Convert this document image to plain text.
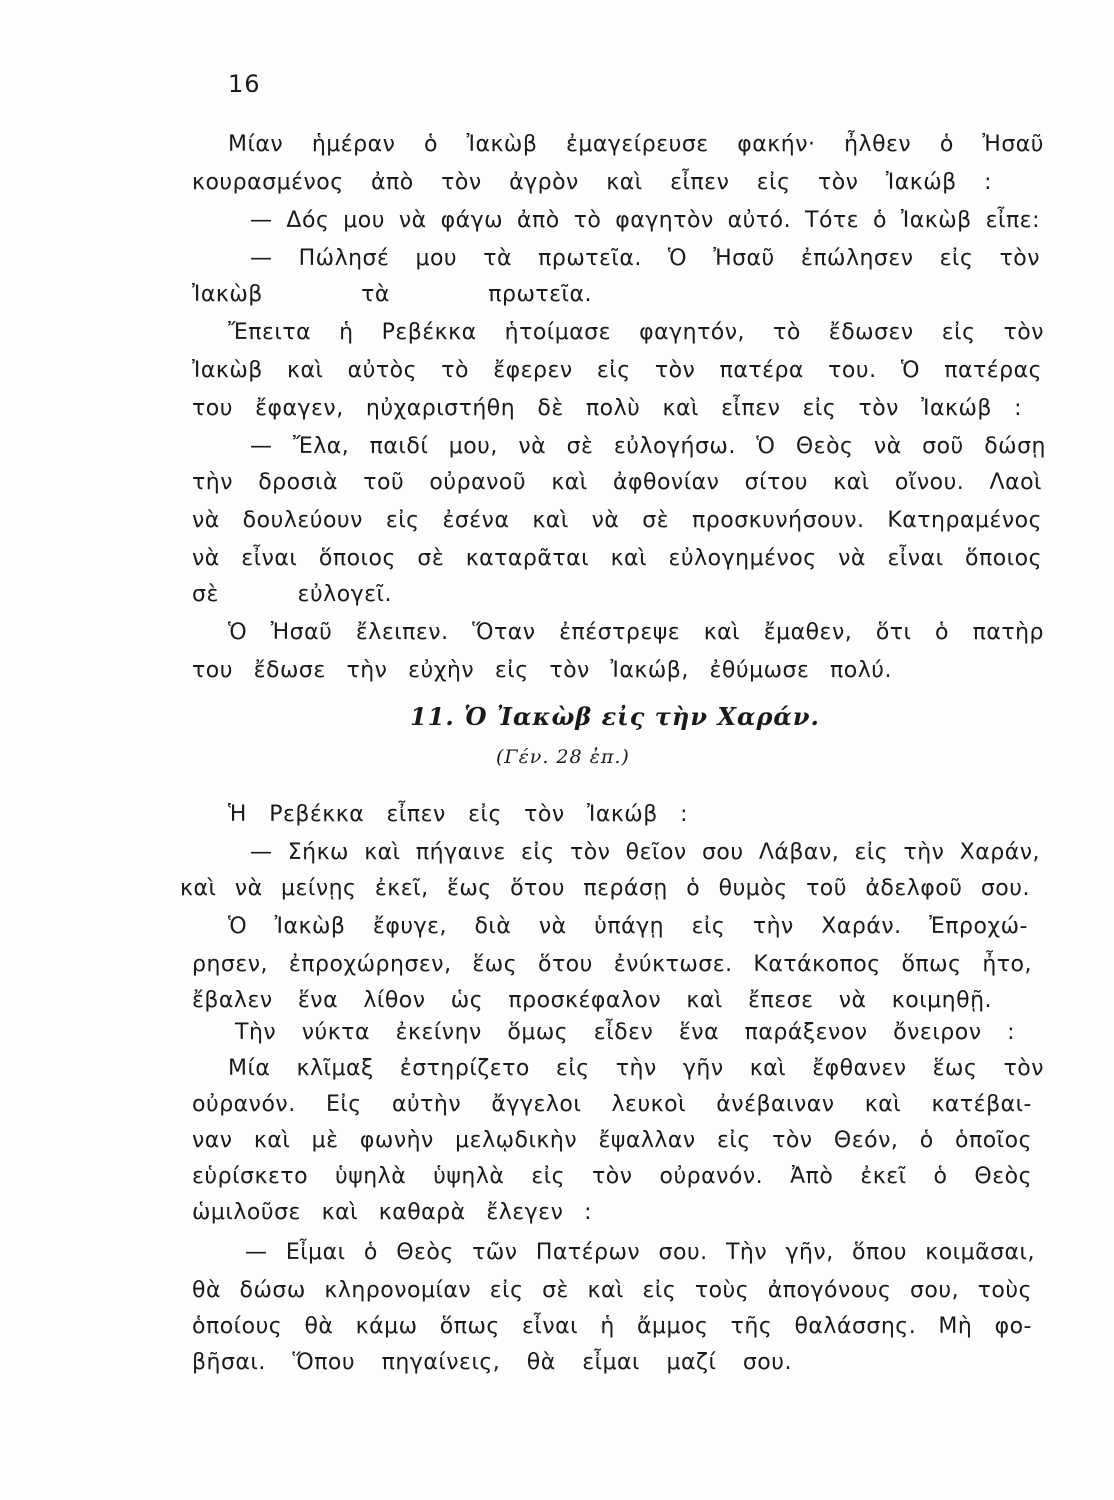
16

Μίαν ἡμέραν ὁ Ἰακὼβ ἐμαγείρευσε φακήν· ἦλθεν ὁ Ἠσαῦ

κουρασμένος ἀπὸ τὸν ἀγρὸν καὶ εἶπεν εἰς τὸν Ἰακώβ :

— Δός μου νὰ φάγω ἀπὸ τὸ φαγητὸν αὐτό. Τότε ὁ Ἰακὼβ εἶπε:

— Πώλησέ μου τὰ πρωτεῖα. Ὁ Ἠσαῦ ἐπώλησεν εἰς τὸν

Ἰακὼβ τὰ πρωτεῖα.

Ἔπειτα ἡ Ρεβέκκα ἡτοίμασε φαγητόν, τὸ ἔδωσεν εἰς τὸν

Ἰακὼβ καὶ αὐτὸς τὸ ἔφερεν εἰς τὸν πατέρα του. Ὁ πατέρας

του ἔφαγεν, ηὐχαριστήθη δὲ πολὺ καὶ εἶπεν εἰς τὸν Ἰακώβ :

— Ἔλα, παιδί μου, νὰ σὲ εὐλογήσω. Ὁ Θεὸς νὰ σοῦ δώσῃ

τὴν δροσιὰ τοῦ οὐρανοῦ καὶ ἀφθονίαν σίτου καὶ οἴνου. Λαοὶ

νὰ δουλεύουν εἰς ἐσένα καὶ νὰ σὲ προσκυνήσουν. Κατηραμένος

νὰ εἶναι ὅποιος σὲ καταρᾶται καὶ εὐλογημένος νὰ εἶναι ὅποιος

σὲ εὐλογεῖ.

Ὁ Ἠσαῦ ἔλειπεν. Ὅταν ἐπέστρεψε καὶ ἔμαθεν, ὅτι ὁ πατὴρ

του ἔδωσε τὴν εὐχὴν εἰς τὸν Ἰακώβ, ἐθύμωσε πολύ.

11. Ὁ Ἰακὼβ εἰς τὴν Χαράν.
(Γέν. 28 ἐπ.)

Ἡ Ρεβέκκα εἶπεν εἰς τὸν Ἰακώβ :

— Σήκω καὶ πήγαινε εἰς τὸν θεῖον σου Λάβαν, εἰς τὴν Χαράν,

καὶ νὰ μείνῃς ἐκεῖ, ἕως ὅτου περάσῃ ὁ θυμὸς τοῦ ἀδελφοῦ σου.

Ὁ Ἰακὼβ ἔφυγε, διὰ νὰ ὑπάγῃ εἰς τὴν Χαράν. Ἐπροχώ-

ρησεν, ἐπροχώρησεν, ἕως ὅτου ἐνύκτωσε. Κατάκοπος ὅπως ἦτο,

ἔβαλεν ἕνα λίθον ὡς προσκέφαλον καὶ ἔπεσε νὰ κοιμηθῇ.

Τὴν νύκτα ἐκείνην ὅμως εἶδεν ἕνα παράξενον ὄνειρον :

Μία κλῖμαξ ἐστηρίζετο εἰς τὴν γῆν καὶ ἔφθανεν ἕως τὸν

οὐρανόν. Εἰς αὐτὴν ἄγγελοι λευκοὶ ἀνέβαιναν καὶ κατέβαι-

ναν καὶ μὲ φωνὴν μελῳδικὴν ἔψαλλαν εἰς τὸν Θεόν, ὁ ὁποῖος

εὑρίσκετο ὑψηλὰ ὑψηλὰ εἰς τὸν οὐρανόν. Ἀπὸ ἐκεῖ ὁ Θεὸς

ὡμιλοῦσε καὶ καθαρὰ ἔλεγεν :

— Εἶμαι ὁ Θεὸς τῶν Πατέρων σου. Τὴν γῆν, ὅπου κοιμᾶσαι,

θὰ δώσω κληρονομίαν εἰς σὲ καὶ εἰς τοὺς ἀπογόνους σου, τοὺς

ὁποίους θὰ κάμω ὅπως εἶναι ἡ ἄμμος τῆς θαλάσσης. Μὴ φο-

βῆσαι. Ὅπου πηγαίνεις, θὰ εἶμαι μαζί σου.
